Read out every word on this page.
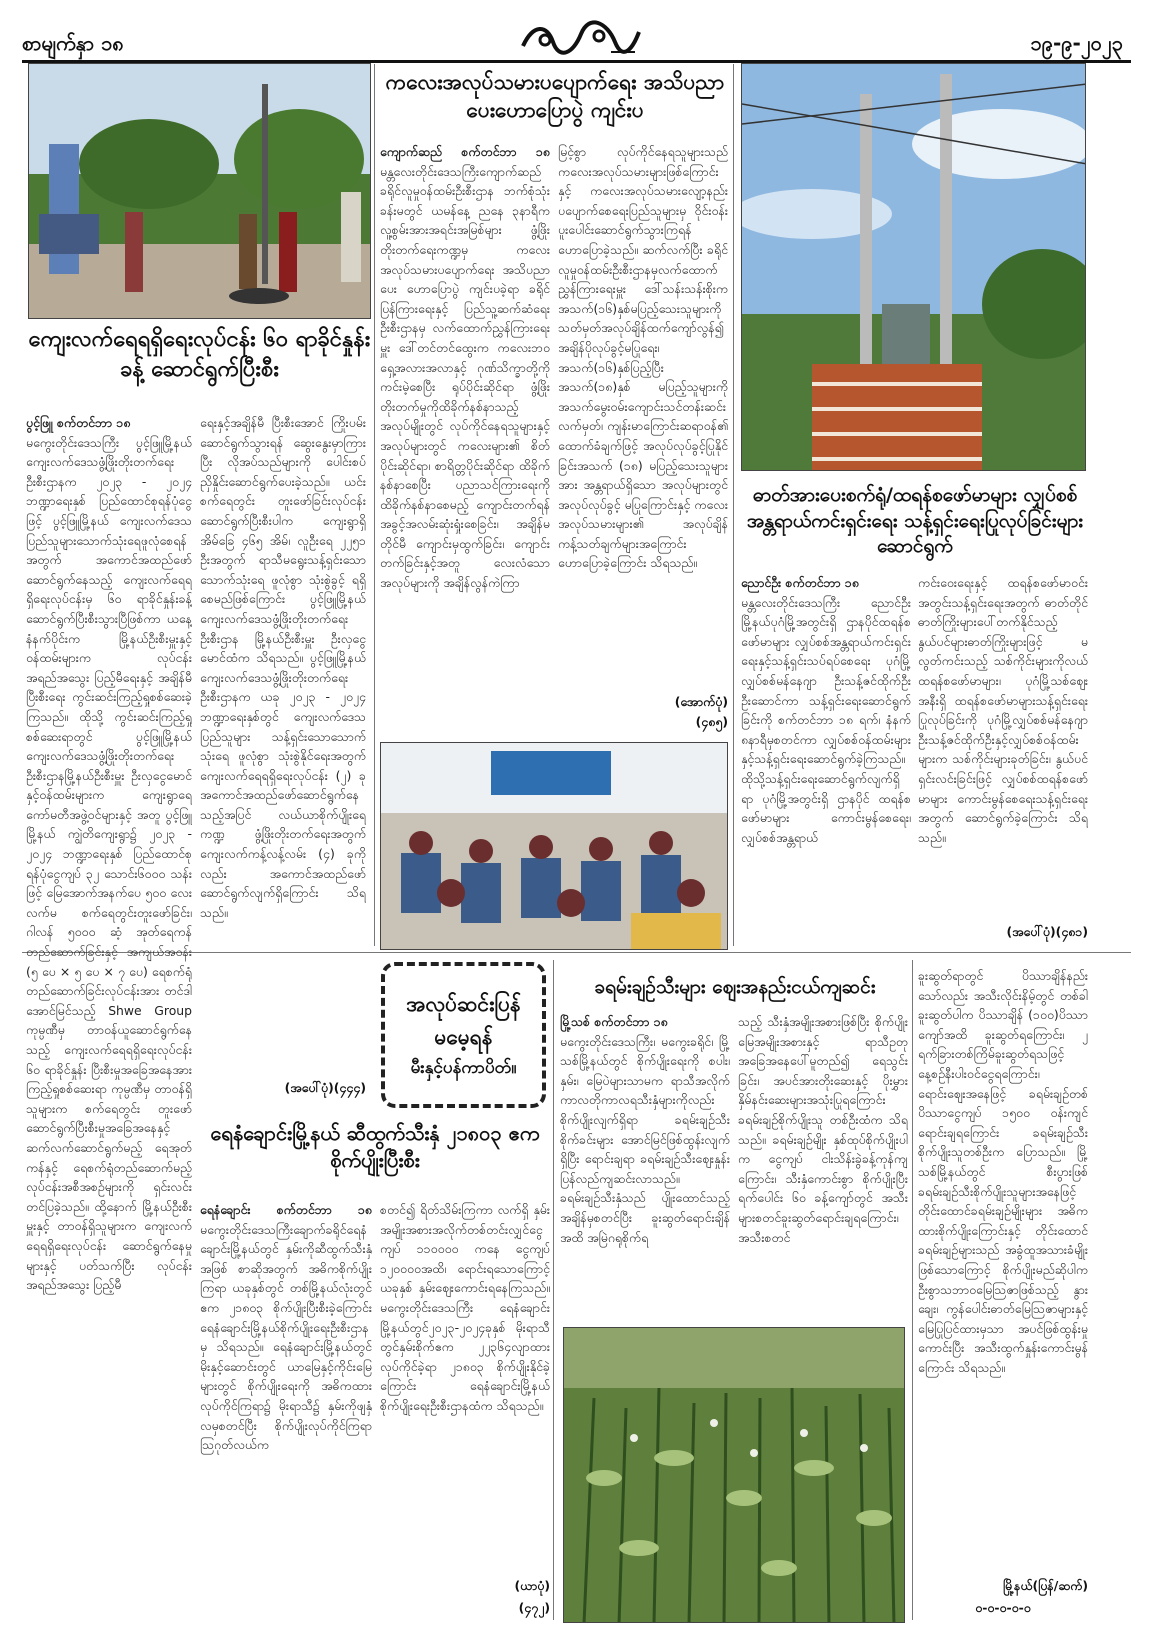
စာမျက်နှာ ၁၈	၁၉-၉-၂၀၂၃
ကျေးလက်ရေရရှိရေးလုပ်ငန်း ၆၀ ရာခိုင်နှုန်းခန့် ဆောင်ရွက်ပြီးစီး
ပွင့်ဖြူ စက်တင်ဘာ ၁၈
မကွေးတိုင်းဒေသကြီး ပွင့်ဖြူမြို့နယ် ကျေးလက်ဒေသဖွံ့ဖြိုးတိုးတက်ရေးဦးစီးဌာနက ၂၀၂၃ - ၂၀၂၄ ဘဏ္ဍာရေးနှစ် ပြည်ထောင်စုရန်ပုံငွေဖြင့် ပွင့်ဖြူမြို့နယ် ကျေးလက်ဒေသ ပြည်သူများသောက်သုံးရေဖူလုံစေရန်အတွက် အကောင်အထည်ဖော်ဆောင်ရွက်နေသည့် ကျေးလက်ရေရရှိရေးလုပ်ငန်းမှ ၆၀ ရာခိုင်နှုန်းခန့် ဆောင်ရွက်ပြီးစီးသွားပြီဖြစ်ကာ ယနေ့ နံနက်ပိုင်းက မြို့နယ်ဦးစီးမှူးနှင့် ဝန်ထမ်းများက လုပ်ငန်းအရည်အသွေး ပြည့်မီရေးနှင့် အချိန်မီပြီးစီးရေး ကွင်းဆင်းကြည့်ရှုစစ်ဆေးခဲ့ကြသည်။ ထိုသို့ ကွင်းဆင်းကြည့်ရှုစစ်ဆေးရာတွင် ပွင့်ဖြူမြို့နယ် ကျေးလက်ဒေသဖွံ့ဖြိုးတိုးတက်ရေးဦးစီးဌာနမြို့နယ်ဦးစီးမှူး ဦးလှငွေမောင်နှင့်ဝန်ထမ်းများက ကျေးရွာရေကော်မတီအဖွဲ့ဝင်များနှင့် အတူ ပွင့်ဖြူမြို့နယ် ကျွဲတိကျေးရွာ၌ ၂၀၂၃ - ၂၀၂၄ ဘဏ္ဍာရေးနှစ် ပြည်ထောင်စုရန်ပုံငွေကျပ် ၃၂ သောင်း၆၀၀၀ သန်းဖြင့် မြေအောက်အနက်ပေ ၅၀၀ လေးလက်မ စက်ရေတွင်းတူးဖော်ခြင်း၊ ဂါလန် ၅၀၀၀ ဆံ့ အုတ်ရေကန်တည်ဆောက်ခြင်းနှင့် အကျယ်အဝန်း (၅ ပေ × ၅ ပေ × ၇ ပေ) ရေစက်ရုံတည်ဆောက်ခြင်းလုပ်ငန်းအား တင်ဒါအောင်မြင်သည့် Shwe Group ကုမ္ပဏီမှ တာဝန်ယူဆောင်ရွက်နေသည့် ကျေးလက်ရေရရှိရေးလုပ်ငန်း ၆၀ ရာခိုင်နှုန်း ပြီးစီးမှုအခြေအနေအား ကြည့်ရှုစစ်ဆေးရာ ကုမ္ပဏီမှ တာဝန်ရှိသူများက စက်ရေတွင်း တူးဖော်ဆောင်ရွက်ပြီးစီးမှုအခြေအနေနှင့် ဆက်လက်ဆောင်ရွက်မည့် ရေအုတ်ကန်နှင့် ရေစက်ရုံတည်ဆောက်မည့်လုပ်ငန်းအစီအစဉ်များကို ရှင်းလင်းတင်ပြခဲ့သည်။ ထို့နောက် မြို့နယ်ဦးစီးမှူးနှင့် တာဝန်ရှိသူများက ကျေးလက်ရေရရှိရေးလုပ်ငန်း ဆောင်ရွက်နေမှုများနှင့် ပတ်သက်ပြီး လုပ်ငန်းအရည်အသွေး ပြည့်မီ
ရေးနှင့်အချိန်မီ ပြီးစီးအောင် ကြိုးပမ်းဆောင်ရွက်သွားရန် ဆွေးနွေးမှာကြားပြီး လိုအပ်သည်များကို ပေါင်းစပ်ညှိနှိုင်းဆောင်ရွက်ပေးခဲ့သည်။ ယင်းစက်ရေတွင်း တူးဖော်ခြင်းလုပ်ငန်းဆောင်ရွက်ပြီးစီးပါက ကျေးရွာရှိအိမ်ခြေ ၄၆၅ အိမ်၊ လူဦးရေ ၂၂၅၁ ဦးအတွက် ရာသီမရွေးသန့်ရှင်းသော သောက်သုံးရေ ဖူလုံစွာ သုံးစွဲခွင့် ရရှိစေမည်ဖြစ်ကြောင်း ပွင့်ဖြူမြို့နယ် ကျေးလက်ဒေသဖွံ့ဖြိုးတိုးတက်ရေးဦးစီးဌာန မြို့နယ်ဦးစီးမှူး ဦးလှငွေမောင်ထံက သိရသည်။ ပွင့်ဖြူမြို့နယ်ကျေးလက်ဒေသဖွံ့ဖြိုးတိုးတက်ရေးဦးစီးဌာနက ယခု ၂၀၂၃ - ၂၀၂၄ ဘဏ္ဍာရေးနှစ်တွင် ကျေးလက်ဒေသ ပြည်သူများ သန့်ရှင်းသောသောက်သုံးရေ ဖူလုံစွာ သုံးစွဲနိုင်ရေးအတွက် ကျေးလက်ရေရရှိရေးလုပ်ငန်း (၂) ခု အကောင်အထည်ဖော်ဆောင်ရွက်နေသည့်အပြင် လယ်ယာစိုက်ပျိုးရေကဏ္ဍ ဖွံ့ဖြိုးတိုးတက်ရေးအတွက် ကျေးလက်ကန့်လန့်လမ်း (၄) ခုကိုလည်း အကောင်အထည်ဖော်ဆောင်ရွက်လျက်ရှိကြောင်း သိရသည်။
(အပေါ်ပုံ)(၄၄၄)
ကလေးအလုပ်သမားပပျောက်ရေး အသိပညာပေးဟောပြောပွဲ ကျင်းပ
ကျောက်ဆည် စက်တင်ဘာ ၁၈ မန္တလေးတိုင်းဒေသကြီးကျောက်ဆည် ခရိုင်လူမှုဝန်ထမ်းဦးစီးဌာန ဘက်စုံသုံးခန်းမတွင် ယမန်နေ့ ညနေ ၃နာရီက လူ့စွမ်းအားအရင်းအမြစ်များ ဖွံ့ဖြိုးတိုးတက်ရေးကဏ္ဍမှ ကလေးအလုပ်သမားပပျောက်ရေး အသိပညာပေး ဟောပြောပွဲ ကျင်းပခဲ့ရာ ခရိုင်ပြန်ကြားရေးနှင့် ပြည်သူ့ဆက်ဆံရေးဦးစီးဌာနမှ လက်ထောက်ညွှန်ကြားရေးမှူး ဒေါ်တင်တင်ထွေးက ကလေးဘဝ ရှေ့အလားအလာနှင့် ဂုဏ်သိက္ခာတို့ကို ကင်းမဲ့စေပြီး ရုပ်ပိုင်းဆိုင်ရာ ဖွံ့ဖြိုးတိုးတက်မှုကိုထိခိုက်နစ်နာသည့် အလုပ်မျိုးတွင် လုပ်ကိုင်နေရသူများနှင့် အလုပ်များတွင် ကလေးများ၏ စိတ်ပိုင်းဆိုင်ရာ၊ စာရိတ္တပိုင်းဆိုင်ရာ ထိခိုက်နစ်နာစေပြီး ပညာသင်ကြားရေးကို ထိခိုက်နစ်နာစေမည့် ကျောင်းတက်ရန် အခွင့်အလမ်းဆုံးရှုံးစေခြင်း၊ အချိန်မတိုင်မီ ကျောင်းမှထွက်ခြင်း၊ ကျောင်းတက်ခြင်းနှင့်အတူ လေးလံသော အလုပ်များကို အချိန်လွန်ကဲကြာ
မြင့်စွာ လုပ်ကိုင်နေရသူများသည် ကလေးအလုပ်သမားများဖြစ်ကြောင်းနှင့် ကလေးအလုပ်သမားလျော့နည်းပပျောက်စေရေးပြည်သူများမှ ဝိုင်းဝန်းပူးပေါင်းဆောင်ရွက်သွားကြရန် ဟောပြောခဲ့သည်။ ဆက်လက်ပြီး ခရိုင်လူမှုဝန်ထမ်းဦးစီးဌာနမှလက်ထောက်ညွှန်ကြားရေးမှူး ဒေါ်သန်းသန်းစိုးက အသက်(၁၆)နှစ်မပြည့်သေးသူများကို သတ်မှတ်အလုပ်ချိန်ထက်ကျော်လွန်၍ အချိန်ပိုလုပ်ခွင့်မပြုရေး၊ အသက်(၁၆)နှစ်ပြည့်ပြီး အသက်(၁၈)နှစ် မပြည့်သူများကို အသက်မွေးဝမ်းကျောင်းသင်တန်းဆင်းလက်မှတ်၊ ကျန်းမာကြောင်းဆရာဝန်၏ ထောက်ခံချက်ဖြင့် အလုပ်လုပ်ခွင့်ပြုနိုင်ခြင်းအသက် (၁၈) မပြည့်သေးသူများအား အန္တရာယ်ရှိသော အလုပ်များတွင် အလုပ်လုပ်ခွင့် မပြုကြောင်းနှင့် ကလေးအလုပ်သမားများ၏ အလုပ်ချိန် ကန့်သတ်ချက်များအကြောင်း ဟောပြောခဲ့ကြောင်း သိရသည်။
(အောက်ပုံ)
(၄၈၅)
ဓာတ်အားပေးစက်ရုံ/ထရန်စဖော်မာများ လျှပ်စစ်အန္တရာယ်ကင်းရှင်းရေး သန့်ရှင်းရေးပြုလုပ်ခြင်းများ ဆောင်ရွက်
ညောင်ဦး စက်တင်ဘာ ၁၈
မန္တလေးတိုင်းဒေသကြီး ညောင်ဦးမြို့နယ်ပုဂံမြို့အတွင်းရှိ ဌာနပိုင်ထရန်စဖော်မာများ လျှပ်စစ်အန္တရာယ်ကင်းရှင်းရေးနှင့်သန့်ရှင်းသပ်ရပ်စေရေး ပုဂံမြို့လျှပ်စစ်မန်နေဂျာ ဦးသန့်ဇင်ထိုက်ဦး ဦးဆောင်ကာ သန့်ရှင်းရေးဆောင်ရွက်ခြင်းကို စက်တင်ဘာ ၁၈ ရက်၊ နံနက် ၈နာရီမှစတင်ကာ လျှပ်စစ်ဝန်ထမ်းများနှင့်သန့်ရှင်းရေးဆောင်ရွက်ခဲ့ကြသည်။ ထိုသို့သန့်ရှင်းရေးဆောင်ရွက်လျက်ရှိရာ ပုဂံမြို့အတွင်းရှိ ဌာနပိုင် ထရန်စဖော်မာများ ကောင်းမွန်စေရေး၊ လျှပ်စစ်အန္တရာယ်
ကင်းဝေးရေးနှင့် ထရန်စဖော်မာဝင်း အတွင်းသန့်ရှင်းရေးအတွက် ဓာတ်တိုင်ဓာတ်ကြိုးများပေါ်တက်နိုင်သည့် နွယ်ပင်များဓာတ်ကြိုးများဖြင့် မလွတ်ကင်းသည့် သစ်ကိုင်းများကိုလယ်ထရန်စဖော်မာများ၊ ပုဂံမြို့သစ်ဈေးအနီးရှိ ထရန်စဖော်မာများသန့်ရှင်းရေးပြုလုပ်ခြင်းကို ပုဂံမြို့လျှပ်စစ်မန်နေဂျာ ဦးသန့်ဇင်ထိုက်ဦးနှင့်လျှပ်စစ်ဝန်ထမ်းများက သစ်ကိုင်းများခုတ်ခြင်း၊ နွယ်ပင်ရှင်းလင်းခြင်းဖြင့် လျှပ်စစ်ထရန်စဖော်မာများ ကောင်းမွန်စေရေးသန့်ရှင်းရေးအတွက် ဆောင်ရွက်ခဲ့ကြောင်း သိရသည်။
(အပေါ်ပုံ)(၄၈၁)
အလုပ်ဆင်းပြန်
မမေ့ရန်
မီးနှင့်ပန်ကာပိတ်။
ရေနံချောင်းမြို့နယ် ဆီထွက်သီးနှံ ၂၁၈၀၃ ဧက စိုက်ပျိုးပြီးစီး
ရေနံချောင်း စက်တင်ဘာ ၁၈ မကွေးတိုင်းဒေသကြီးချောက်ခရိုင်ရေနံချောင်းမြို့နယ်တွင် နှမ်းကိုဆီထွက်သီးနှံအဖြစ် စာဆိုအတွက် အဓိကစိုက်ပျိုးကြရာ ယခုနှစ်တွင် တစ်မြို့နယ်လုံးတွင် ဧက ၂၁၈၀၃ စိုက်ပျိုးပြီးစီးခဲ့ကြောင်း ရေနံချောင်းမြို့နယ်စိုက်ပျိုးရေးဦးစီးဌာနမှ သိရသည်။ ရေနံချောင်းမြို့နယ်တွင် မိုးနှင့်ဆောင်းတွင် ယာမြေနှင့်ကိုင်းမြေများတွင် စိုက်ပျိုးရေးကို အဓိကထားလုပ်ကိုင်ကြရာ၌ မိုးရာသီ၌ နှမ်းကိုဖျနှံလမှစတင်ပြီး စိုက်ပျိုးလုပ်ကိုင်ကြရာ ဩဂုတ်လယ်က
စတင်၍ ရိတ်သိမ်းကြကာ လက်ရှိ နှမ်းအမျိုးအစားအလိုက်တစ်တင်းလျှင်ငွေကျပ် ၁၁၀၀၀၀ ကနေ ငွေကျပ် ၁၂၀၀၀၀အထိ၊ ရောင်းရသောကြောင့် ယခုနှစ် နှမ်းဈေးကောင်းရနေကြသည်။ မကွေးတိုင်းဒေသကြီး ရေနံချောင်းမြို့နယ်တွင်၂၀၂၃-၂၀၂၄ခုနှစ် မိုးရာသီတွင်နှမ်းစိုက်ဧက ၂၂၃၆၄လျာထားလုပ်ကိုင်ခဲ့ရာ ၂၁၈၀၃ စိုက်ပျိုးနိုင်ခဲ့ကြောင်း ရေနံချောင်းမြို့နယ်စိုက်ပျိုးရေးဦးစီးဌာနထံက သိရသည်။
(ယာပုံ)
(၄၇၂)
ခရမ်းချဉ်သီးများ ဈေးအနည်းငယ်ကျဆင်း
မြို့သစ် စက်တင်ဘာ ၁၈
မကွေးတိုင်းဒေသကြီး၊ မကွေးခရိုင်၊ မြို့သစ်မြို့နယ်တွင် စိုက်ပျိုးရေးကို စပါး၊ နှမ်း၊ မြေပဲများသာမက ရာသီအလိုက် ကာလတိုကာလရသီးနှံများကိုလည်း စိုက်ပျိုးလျက်ရှိရာ ခရမ်းချဉ်သီးစိုက်ခင်းများ အောင်မြင်ဖြစ်ထွန်းလျက်ရှိပြီး ရောင်းချရာ ခရမ်းချဉ်သီးဈေးနှုန်း ပြန်လည်ကျဆင်းလာသည်။ ခရမ်းချဉ်သီးနှံသည် ပျိုးထောင်သည့်အချိန်မှစတင်ပြီး ခူးဆွတ်ရောင်းချိန်အထိ အမြဲဂရုစိုက်ရ
သည့် သီးနှံအမျိုးအစားဖြစ်ပြီး စိုက်ပျိုးမြေအမျိုးအစားနှင့် ရာသီဥတုအခြေအနေပေါ်မူတည်၍ ရေသွင်းခြင်း၊ အပင်အားတိုးဆေးနှင့် ပိုးမွှားနှိမ်နင်းဆေးများအသုံးပြုရကြောင်း ခရမ်းချဉ်စိုက်ပျိုးသူ တစ်ဦးထံက သိရသည်။ ခရမ်းချဉ်မျိုး နှစ်ထုပ်စိုက်ပျိုးပါက ငွေကျပ် ငါးသိန်းခွဲခန့်ကုန်ကျကြောင်း၊ သီးနှံကောင်းစွာ စိုက်ပျိုးပြီး ရက်ပေါင်း ၆၀ ခန့်ကျော်တွင် အသီးများစတင်ခူးဆွတ်ရောင်းချရကြောင်း၊ အသီးစတင်
ခူးဆွတ်ရာတွင် ပိဿာချိန်နည်းသော်လည်း အသီးလိုင်းနိမ့်တွင် တစ်ခါခူးဆွတ်ပါက ပိဿာချိန် (၁၀၀)ပိဿာကျော်အထိ ခူးဆွတ်ရကြောင်း၊ ၂ ရက်ခြားတစ်ကြိမ်ခူးဆွတ်ရသဖြင့် နေ့စဉ်နီးပါးဝင်ငွေရကြောင်း၊ ရောင်းဈေးအနေဖြင့် ခရမ်းချဉ်တစ်ပိဿာငွေကျပ် ၁၅၀၀ ဝန်းကျင်ရောင်းချရကြောင်း ခရမ်းချဉ်သီးစိုက်ပျိုးသူတစ်ဦးက ပြောသည်။ မြို့သစ်မြို့နယ်တွင် စီးပွားဖြစ် ခရမ်းချဉ်သီးစိုက်ပျိုးသူများအနေဖြင့် တိုင်းထောင်ခရမ်းချဉ်မျိုးများ အဓိကထားစိုက်ပျိုးကြောင်းနှင့် တိုင်းထောင်ခရမ်းချဉ်များသည် အခွံထူအသားခံမျိုးဖြစ်သောကြောင့် စိုက်ပျိုးမည်ဆိုပါက ဦးစွာသဘာဝမြေဩဇာဖြစ်သည့် နွားချေး၊ ကွန်ပေါင်းဓာတ်မြေဩဇာများနှင့် မြေပြုပြင်ထားမှသာ အပင်ဖြစ်ထွန်းမှုကောင်းပြီး အသီးထွက်နှုန်းကောင်းမွန်ကြောင်း သိရသည်။
မြို့နယ်(ပြန်/ဆက်)
၀-၀-၀-၀-၀
